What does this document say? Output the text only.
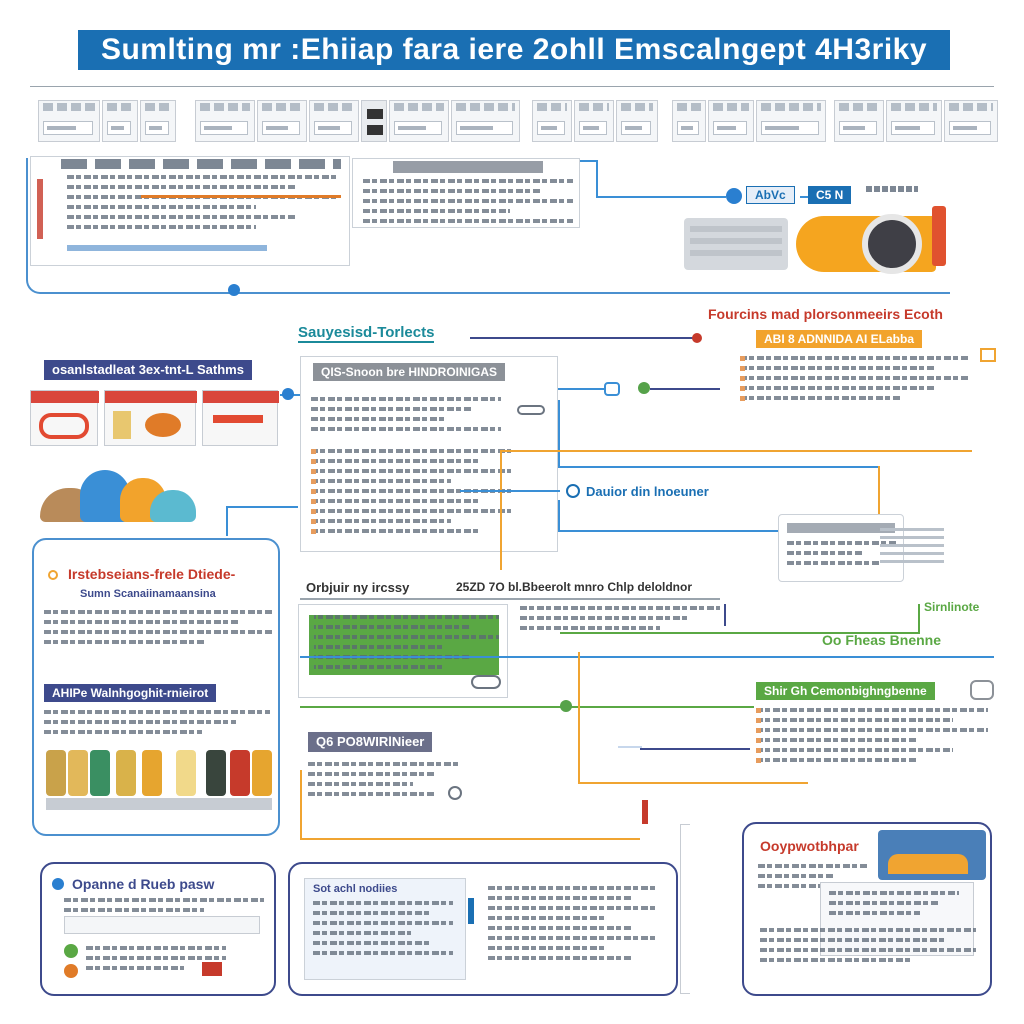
Sumlting mr :Ehiiap fara iere 2ohll Emscalngept 4H3riky
AbVc	C5 N
Fourcins mad plorsonmeeirs Ecoth
ABI 8 ADNNIDA AI ELabba
Sauyesisd-Torlects
osanlstadleat 3ex-tnt-L Sathms	QIS-Snoon bre HINDROINIGAS
Dauior din lnoeuner
Irstebseians-frele Dtiede-
Sumn Scanaiinamaansina
AHIPe Walnhgoghit-rnieirot
Orbjuir ny ircssy	25ZD 7O bl.Bbeerolt mnro Chlp deloldnor
Sirnlinote
Oo Fheas Bnenne
Shir Gh Cemonbighngbenne
Q6 PO8WIRlNieer
Opanne d Rueb pasw	Sot achl nodiies
Ooypwotbhpar
